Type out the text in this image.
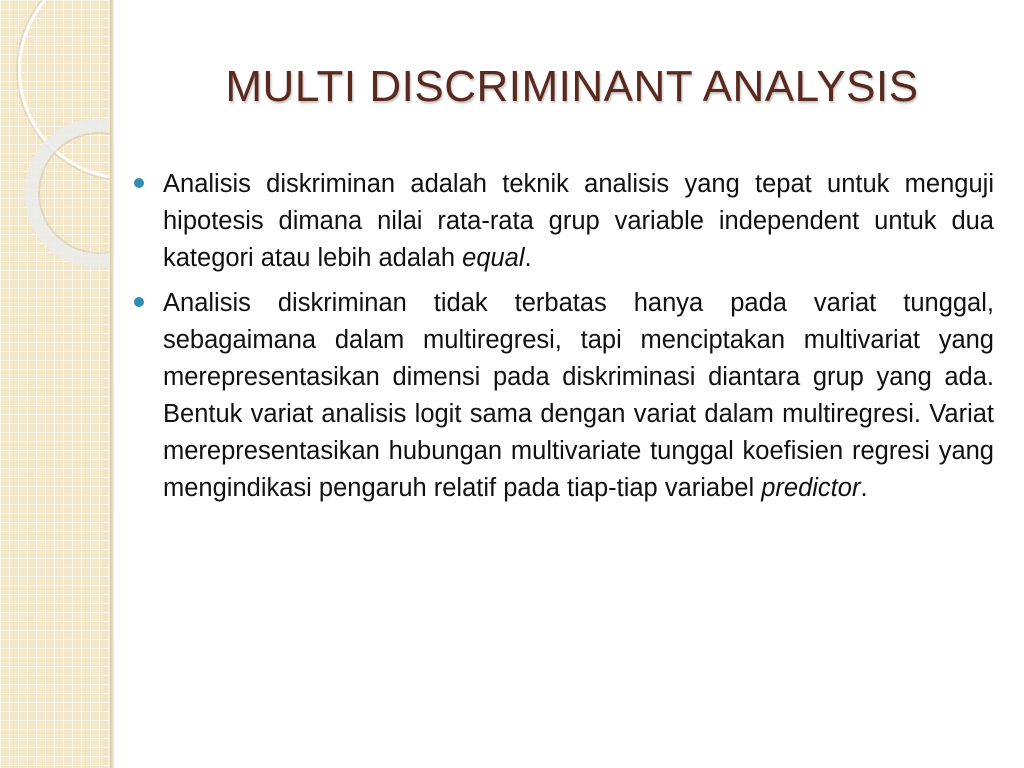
MULTI DISCRIMINANT ANALYSIS

Analisis diskriminan adalah teknik analisis yang tepat untuk menguji hipotesis dimana nilai rata-rata grup variable independent untuk dua kategori atau lebih adalah equal.

Analisis diskriminan tidak terbatas hanya pada variat tunggal, sebagaimana dalam multiregresi, tapi menciptakan multivariat yang merepresentasikan dimensi pada diskriminasi diantara grup yang ada. Bentuk variat analisis logit sama dengan variat dalam multiregresi. Variat merepresentasikan hubungan multivariate tunggal koefisien regresi yang mengindikasi pengaruh relatif pada tiap-tiap variabel predictor.
